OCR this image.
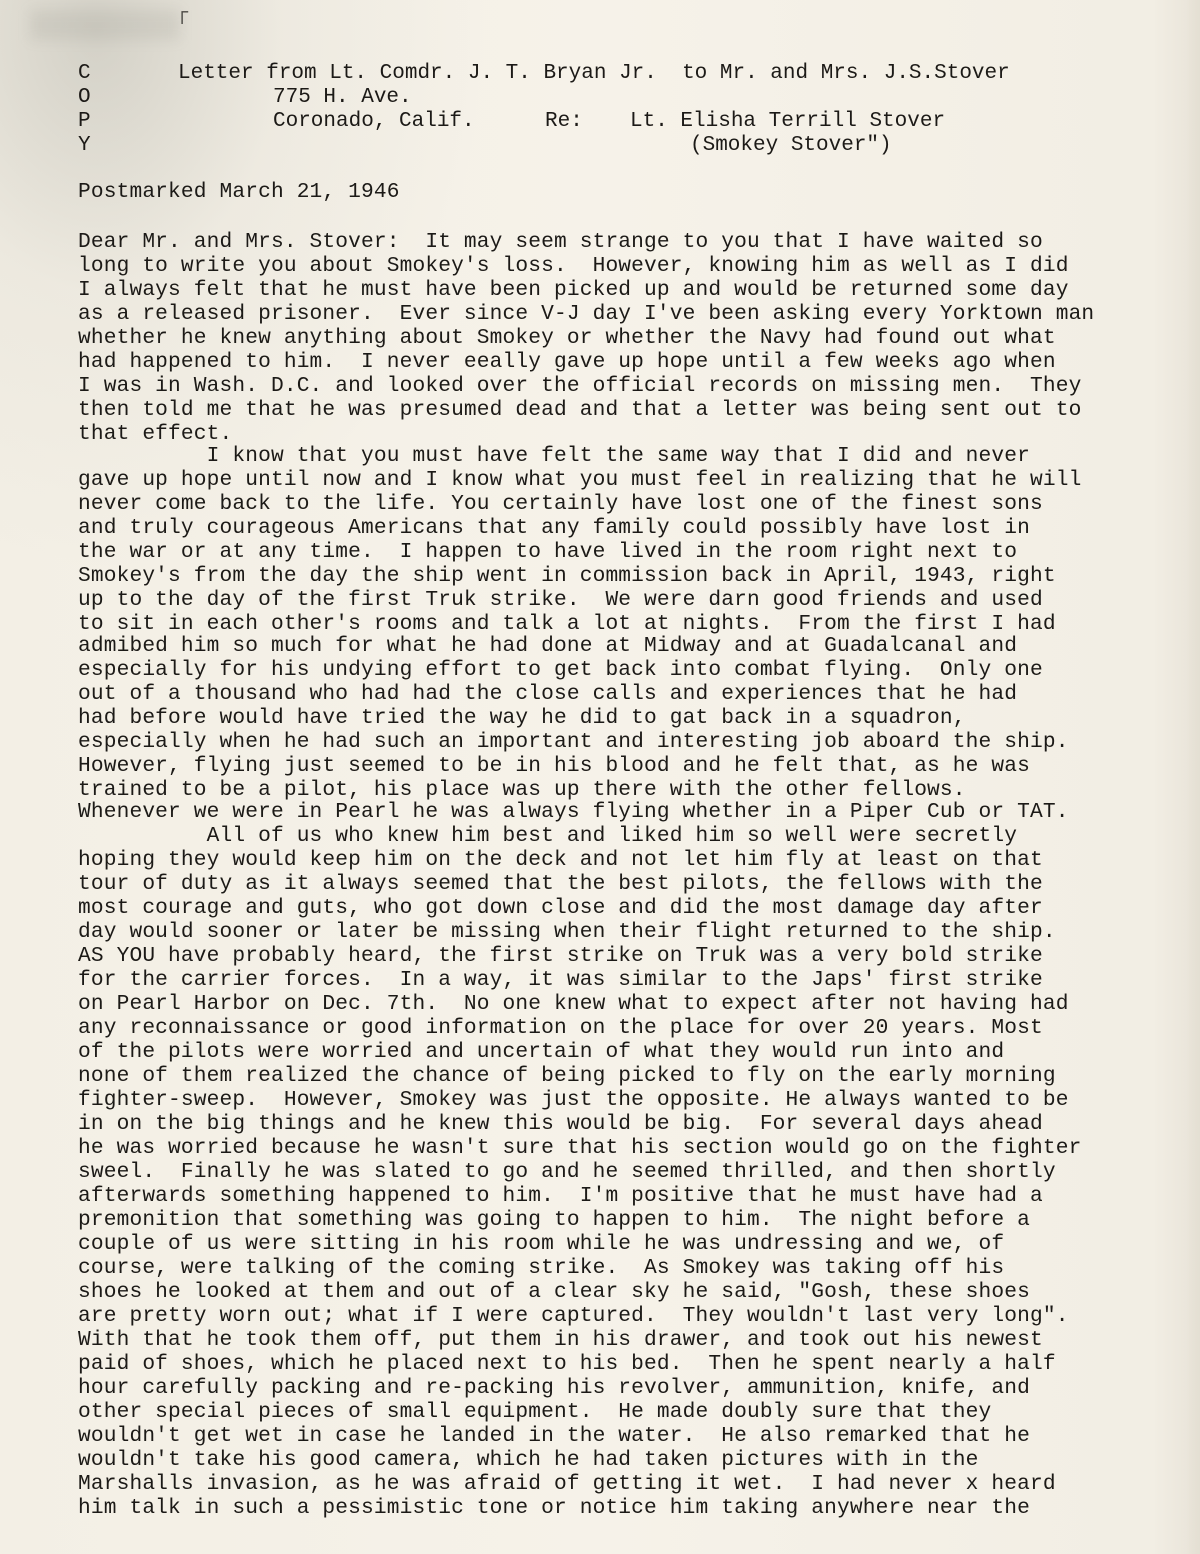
┌
C
O
P
Y
Letter from Lt. Comdr. J. T. Bryan Jr.  to Mr. and Mrs. J.S.Stover
775 H. Ave.
Coronado, Calif.	Re: Lt. Elisha Terrill Stover
(Smokey Stover")
Postmarked March 21, 1946
Dear Mr. and Mrs. Stover:  It may seem strange to you that I have waited so
long to write you about Smokey's loss.  However, knowing him as well as I did
I always felt that he must have been picked up and would be returned some day
as a released prisoner.  Ever since V-J day I've been asking every Yorktown man
whether he knew anything about Smokey or whether the Navy had found out what
had happened to him.  I never eeally gave up hope until a few weeks ago when
I was in Wash. D.C. and looked over the official records on missing men.  They
then told me that he was presumed dead and that a letter was being sent out to
that effect.
I know that you must have felt the same way that I did and never
gave up hope until now and I know what you must feel in realizing that he will
never come back to the life. You certainly have lost one of the finest sons
and truly courageous Americans that any family could possibly have lost in
the war or at any time.  I happen to have lived in the room right next to
Smokey's from the day the ship went in commission back in April, 1943, right
up to the day of the first Truk strike.  We were darn good friends and used
to sit in each other's rooms and talk a lot at nights.  From the first I had
admibed him so much for what he had done at Midway and at Guadalcanal and
especially for his undying effort to get back into combat flying.  Only one
out of a thousand who had had the close calls and experiences that he had
had before would have tried the way he did to gat back in a squadron,
especially when he had such an important and interesting job aboard the ship.
However, flying just seemed to be in his blood and he felt that, as he was
trained to be a pilot, his place was up there with the other fellows.
Whenever we were in Pearl he was always flying whether in a Piper Cub or TAT.
All of us who knew him best and liked him so well were secretly
hoping they would keep him on the deck and not let him fly at least on that
tour of duty as it always seemed that the best pilots, the fellows with the
most courage and guts, who got down close and did the most damage day after
day would sooner or later be missing when their flight returned to the ship.
AS YOU have probably heard, the first strike on Truk was a very bold strike
for the carrier forces.  In a way, it was similar to the Japs' first strike
on Pearl Harbor on Dec. 7th.  No one knew what to expect after not having had
any reconnaissance or good information on the place for over 20 years. Most
of the pilots were worried and uncertain of what they would run into and
none of them realized the chance of being picked to fly on the early morning
fighter-sweep.  However, Smokey was just the opposite. He always wanted to be
in on the big things and he knew this would be big.  For several days ahead
he was worried because he wasn't sure that his section would go on the fighter
sweel.  Finally he was slated to go and he seemed thrilled, and then shortly
afterwards something happened to him.  I'm positive that he must have had a
premonition that something was going to happen to him.  The night before a
couple of us were sitting in his room while he was undressing and we, of
course, were talking of the coming strike.  As Smokey was taking off his
shoes he looked at them and out of a clear sky he said, "Gosh, these shoes
are pretty worn out; what if I were captured.  They wouldn't last very long".
With that he took them off, put them in his drawer, and took out his newest
paid of shoes, which he placed next to his bed.  Then he spent nearly a half
hour carefully packing and re-packing his revolver, ammunition, knife, and
other special pieces of small equipment.  He made doubly sure that they
wouldn't get wet in case he landed in the water.  He also remarked that he
wouldn't take his good camera, which he had taken pictures with in the
Marshalls invasion, as he was afraid of getting it wet.  I had never x heard
him talk in such a pessimistic tone or notice him taking anywhere near the
